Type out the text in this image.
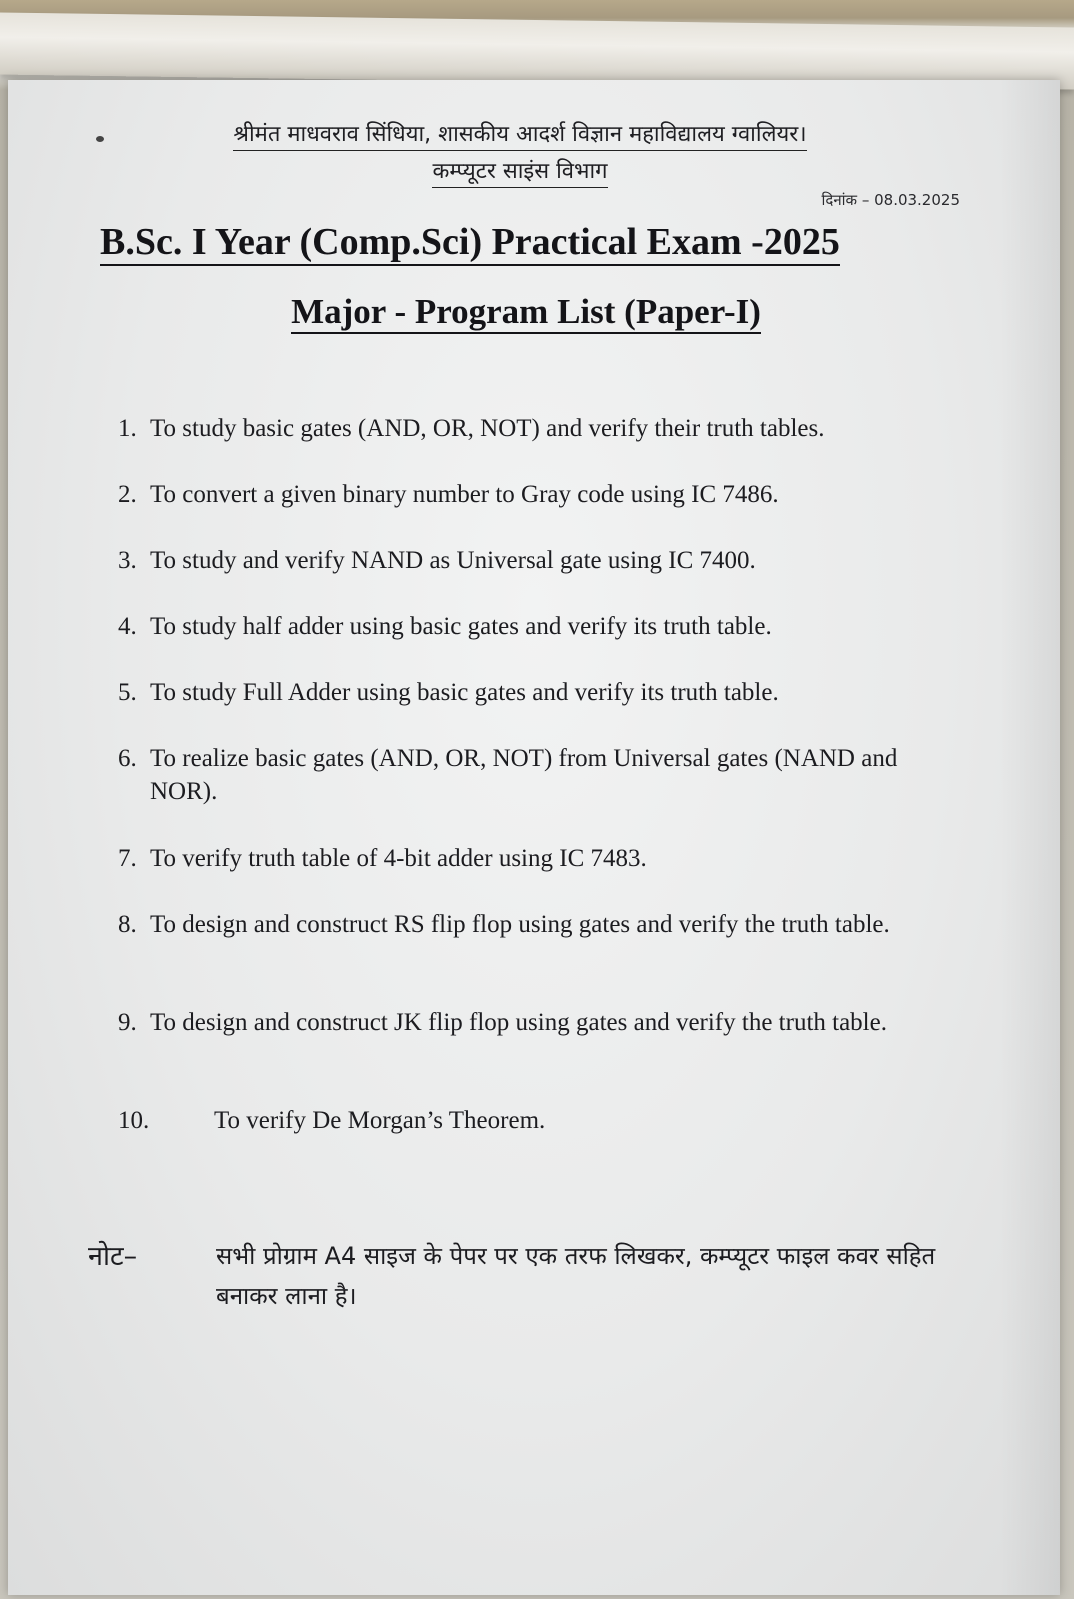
श्रीमंत माधवराव सिंधिया, शासकीय आदर्श विज्ञान महाविद्यालय ग्वालियर।
कम्प्यूटर साइंस विभाग
दिनांक – 08.03.2025
B.Sc. I Year (Comp.Sci) Practical Exam -2025
Major - Program List (Paper-I)
1. To study basic gates (AND, OR, NOT) and verify their truth tables.
2. To convert a given binary number to Gray code using IC 7486.
3. To study and verify NAND as Universal gate using IC 7400.
4. To study half adder using basic gates and verify its truth table.
5. To study Full Adder using basic gates and verify its truth table.
6. To realize basic gates (AND, OR, NOT) from Universal gates (NAND and NOR).
7. To verify truth table of 4-bit adder using IC 7483.
8. To design and construct RS flip flop using gates and verify the truth table.
9. To design and construct JK flip flop using gates and verify the truth table.
10.	To verify De Morgan’s Theorem.
नोट–	सभी प्रोग्राम A4 साइज के पेपर पर एक तरफ लिखकर, कम्प्यूटर फाइल कवर सहित बनाकर लाना है।
